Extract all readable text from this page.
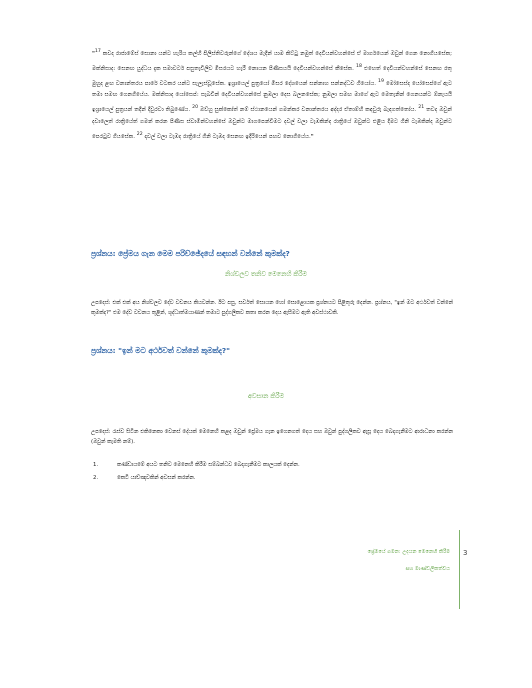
"$^{17}$ කවද රාජාමේස් සොනා යන්ට හැරිය කල්හි පිලිස්තිවරුන්ගේ දේශය මැදින් යාම කිට්ටු නමුත් දෙවියන්වහන්සේ ඒ මාර්ගයෙන් ඔවුන් ගෙන නොගියසේක; මක්නිසාද: සෙනඟ යුද්ධය දැක සමාවර්ට පසුතැවිලිව මිසරයට හැරී නොයන පිණිසයයි දෙවියන්වහන්සේ කීසේක. $^{18}$ එහෙත් දෙවියන්වහන්සේ සෙනඟ රතු මුහුද ළඟ වනාන්තරය පාරේ වටකර යන්ට සැලැස්වූසේක. ඉශ්‍රායෙල් පුත්‍රයෝ මිසර දේශයෙන් සන්නාහ සන්නද්ධව ගියෝය. $^{19}$ මෝසෙස්ද යෝසෙප්ගේ ඇට තමා සමඟ ගෙනගියේය. මක්නිසාද යෝසෙප්: සැබවින් දෙවියන්වහන්සේ නුඹලා දෙස බලනසේක; නුඹලා සමඟ මාගේ ඇට මෙතැනින් ගෙනයන්ට ඕනැයයි ඉශ්‍රායෙල් පුත්‍රයන් තදින් දිවුරවා තිබුණේය. $^{20}$ ඔව්හු සුක්කෝත් නම් ස්ථානයෙන් ගමන්කර වනාන්තරය අද්දර ඒතාම්හි කඳවුරු බැඳගත්තෝය. $^{21}$ තවද ඔවුන් දවාලෙත් රාත්‍රියේත් ගමන් කරන පිණිස ස්වාමීන්වහන්සේ ඔවුන්ට මාගපෙන්වීමට දවල් වලා ටැඹකින්ද රාත්‍රියේ ඔවුන්ට එළිය දීමට ගිනි ටැඹකින්ද ඔවුන්ට පෙරටුව ගියසේක. $^{22}$ දාවල් වලා ටැඹද රාත්‍රියේ ගිනි ටැඹද සෙනඟ ඉදිරියෙන් පහව නොගියේය."

ප්‍රශ්නය: ප්‍රේමය ගැන මෙම පරිච්ඡේදයේ සඳහන් වන්නේ කුමක්ද?

නිශ්චලව තනිව මෙනෙහි කිරීම

උපදෙස්: එක් එක් අය නිශ්චලව දේව වචනය කියවන්න. ඊට පසු, සර්වත් සොයන හෝ සොළොයක ප්‍රශ්නයට පිළිතුරු දෙන්න. ප්‍රශ්නය, "ඉන් මට අර්ථවත් වන්නේ කුමක්ද?" එම දේව වචනය තුළින්, ශුද්ධාත්මයාණන් තමාට පුද්ගලිකව කතා කරන දෙය ඇසීමට ඇති අවස්ථාවකි.

ප්‍රශ්නය: "ඉන් මට අර්ථවත් වන්නේ කුමක්ද?"

අවසාන කිරීම

උපදෙස්: රැස්ව සිටින එකිනෙකා වෙනස් දේයක් මෙනෙහි කළද ඔවුන් ප්‍රේමය ගැන ඉගෙනගත් දෙය සහ ඔවුන් පුද්ගලිකව ඇසූ දෙය බෙදාගැනීමට ආරාධනා කරන්න (ඔවුන් කැමති නම්).

1.	කණ්ඩායමේ අයට තනිව මෙනෙහි කිරීම සම්බන්ධව බෙදාගැනීමට කාලයක් දෙන්න.
2.	කෙටි යාච්ඤාවකින් අවසන් කරන්න.

ප්‍රේමයේ ගමන: උදයන මෙනෙහි කිරීම

සහ මාණ්ඩලිකත්වය

3
